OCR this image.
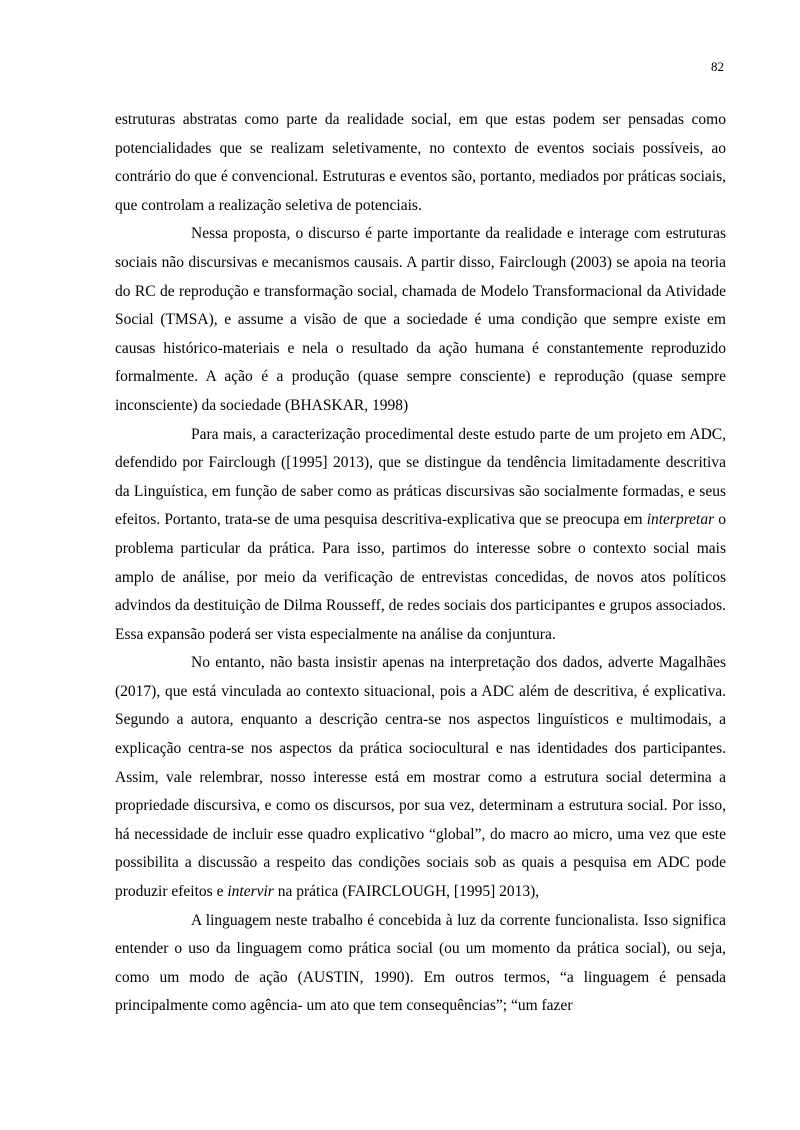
82

estruturas abstratas como parte da realidade social, em que estas podem ser pensadas como potencialidades que se realizam seletivamente, no contexto de eventos sociais possíveis, ao contrário do que é convencional. Estruturas e eventos são, portanto, mediados por práticas sociais, que controlam a realização seletiva de potenciais.

Nessa proposta, o discurso é parte importante da realidade e interage com estruturas sociais não discursivas e mecanismos causais. A partir disso, Fairclough (2003) se apoia na teoria do RC de reprodução e transformação social, chamada de Modelo Transformacional da Atividade Social (TMSA), e assume a visão de que a sociedade é uma condição que sempre existe em causas histórico-materiais e nela o resultado da ação humana é constantemente reproduzido formalmente. A ação é a produção (quase sempre consciente) e reprodução (quase sempre inconsciente) da sociedade (BHASKAR, 1998)

Para mais, a caracterização procedimental deste estudo parte de um projeto em ADC, defendido por Fairclough ([1995] 2013), que se distingue da tendência limitadamente descritiva da Linguística, em função de saber como as práticas discursivas são socialmente formadas, e seus efeitos. Portanto, trata-se de uma pesquisa descritiva-explicativa que se preocupa em interpretar o problema particular da prática. Para isso, partimos do interesse sobre o contexto social mais amplo de análise, por meio da verificação de entrevistas concedidas, de novos atos políticos advindos da destituição de Dilma Rousseff, de redes sociais dos participantes e grupos associados. Essa expansão poderá ser vista especialmente na análise da conjuntura.

No entanto, não basta insistir apenas na interpretação dos dados, adverte Magalhães (2017), que está vinculada ao contexto situacional, pois a ADC além de descritiva, é explicativa. Segundo a autora, enquanto a descrição centra-se nos aspectos linguísticos e multimodais, a explicação centra-se nos aspectos da prática sociocultural e nas identidades dos participantes. Assim, vale relembrar, nosso interesse está em mostrar como a estrutura social determina a propriedade discursiva, e como os discursos, por sua vez, determinam a estrutura social. Por isso, há necessidade de incluir esse quadro explicativo “global”, do macro ao micro, uma vez que este possibilita a discussão a respeito das condições sociais sob as quais a pesquisa em ADC pode produzir efeitos e intervir na prática (FAIRCLOUGH, [1995] 2013),

A linguagem neste trabalho é concebida à luz da corrente funcionalista. Isso significa entender o uso da linguagem como prática social (ou um momento da prática social), ou seja, como um modo de ação (AUSTIN, 1990). Em outros termos, “a linguagem é pensada principalmente como agência- um ato que tem consequências”; “um fazer
